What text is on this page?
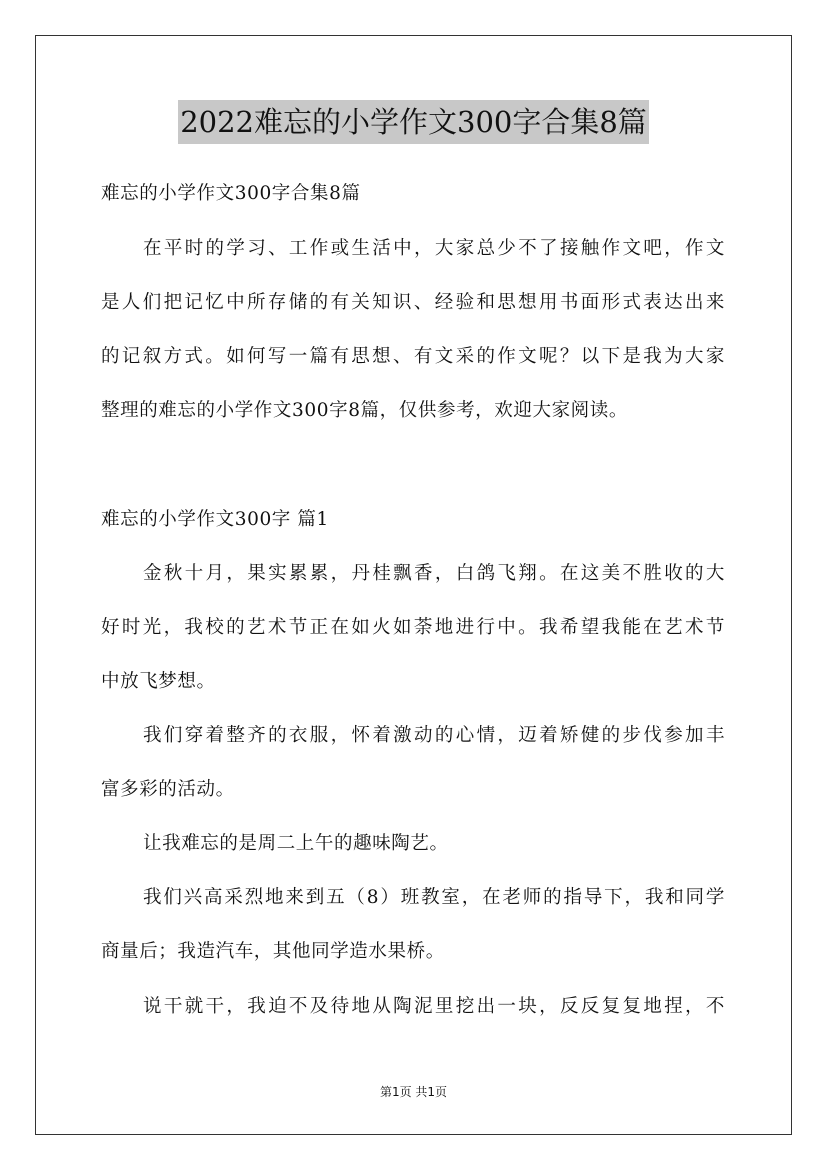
2022难忘的小学作文300字合集8篇
难忘的小学作文300字合集8篇
在平时的学习、工作或生活中，大家总少不了接触作文吧，作文
是人们把记忆中所存储的有关知识、经验和思想用书面形式表达出来
的记叙方式。如何写一篇有思想、有文采的作文呢？以下是我为大家
整理的难忘的小学作文300字8篇，仅供参考，欢迎大家阅读。
难忘的小学作文300字 篇1
金秋十月，果实累累，丹桂飘香，白鸽飞翔。在这美不胜收的大
好时光，我校的艺术节正在如火如荼地进行中。我希望我能在艺术节
中放飞梦想。
我们穿着整齐的衣服，怀着激动的心情，迈着矫健的步伐参加丰
富多彩的活动。
让我难忘的是周二上午的趣味陶艺。
我们兴高采烈地来到五（8）班教室，在老师的指导下，我和同学
商量后；我造汽车，其他同学造水果桥。
说干就干，我迫不及待地从陶泥里挖出一块，反反复复地捏，不
第1页 共1页
